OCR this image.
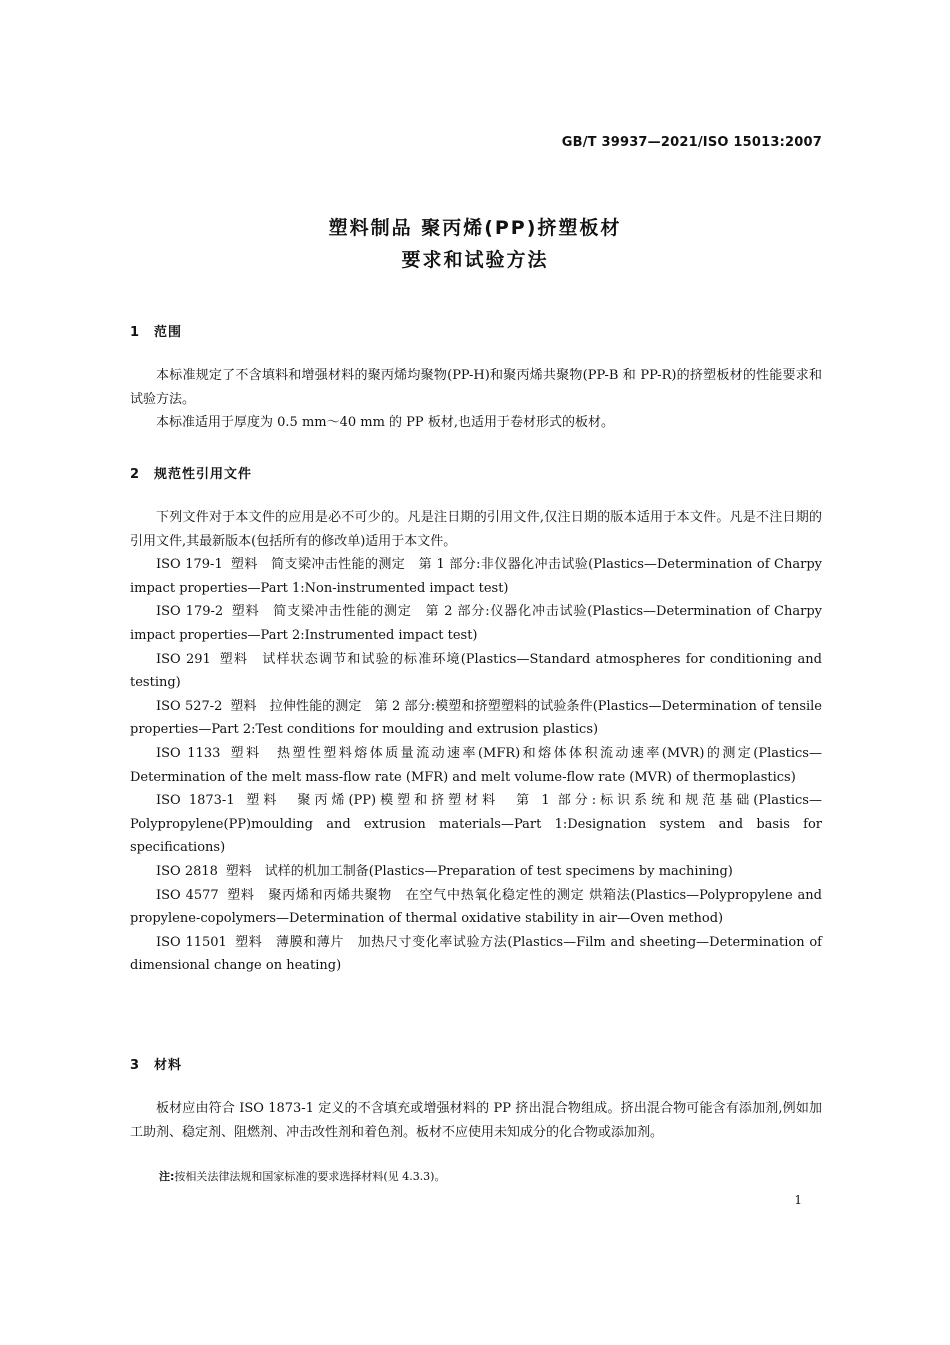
GB/T 39937—2021/ISO 15013:2007
塑料制品 聚丙烯(PP)挤塑板材
要求和试验方法
1 范围

本标准规定了不含填料和增强材料的聚丙烯均聚物(PP-H)和聚丙烯共聚物(PP-B 和 PP-R)的挤塑板材的性能要求和试验方法。

本标准适用于厚度为 0.5 mm～40 mm 的 PP 板材,也适用于卷材形式的板材。

2 规范性引用文件

下列文件对于本文件的应用是必不可少的。凡是注日期的引用文件,仅注日期的版本适用于本文件。凡是不注日期的引用文件,其最新版本(包括所有的修改单)适用于本文件。

ISO 179-1 塑料　简支梁冲击性能的测定　第 1 部分:非仪器化冲击试验(Plastics—Determination of Charpy impact properties—Part 1:Non-instrumented impact test)

ISO 179-2 塑料　简支梁冲击性能的测定　第 2 部分:仪器化冲击试验(Plastics—Determination of Charpy impact properties—Part 2:Instrumented impact test)

ISO 291 塑料　试样状态调节和试验的标准环境(Plastics—Standard atmospheres for conditioning and testing)

ISO 527-2 塑料　拉伸性能的测定　第 2 部分:模塑和挤塑塑料的试验条件(Plastics—Determination of tensile properties—Part 2:Test conditions for moulding and extrusion plastics)

ISO 1133 塑料　热塑性塑料熔体质量流动速率(MFR)和熔体体积流动速率(MVR)的测定(Plastics—Determination of the melt mass-flow rate (MFR) and melt volume-flow rate (MVR) of thermoplastics)

ISO 1873-1 塑料　聚丙烯(PP)模塑和挤塑材料　第 1 部分:标识系统和规范基础(Plastics—Polypropylene(PP)moulding and extrusion materials—Part 1:Designation system and basis for specifications)

ISO 2818 塑料　试样的机加工制备(Plastics—Preparation of test specimens by machining)

ISO 4577 塑料　聚丙烯和丙烯共聚物　在空气中热氧化稳定性的测定 烘箱法(Plastics—Polypropylene and propylene-copolymers—Determination of thermal oxidative stability in air—Oven method)

ISO 11501 塑料　薄膜和薄片　加热尺寸变化率试验方法(Plastics—Film and sheeting—Determination of dimensional change on heating)

3 材料

板材应由符合 ISO 1873-1 定义的不含填充或增强材料的 PP 挤出混合物组成。挤出混合物可能含有添加剂,例如加工助剂、稳定剂、阻燃剂、冲击改性剂和着色剂。板材不应使用未知成分的化合物或添加剂。

注:按相关法律法规和国家标准的要求选择材料(见 4.3.3)。
1
